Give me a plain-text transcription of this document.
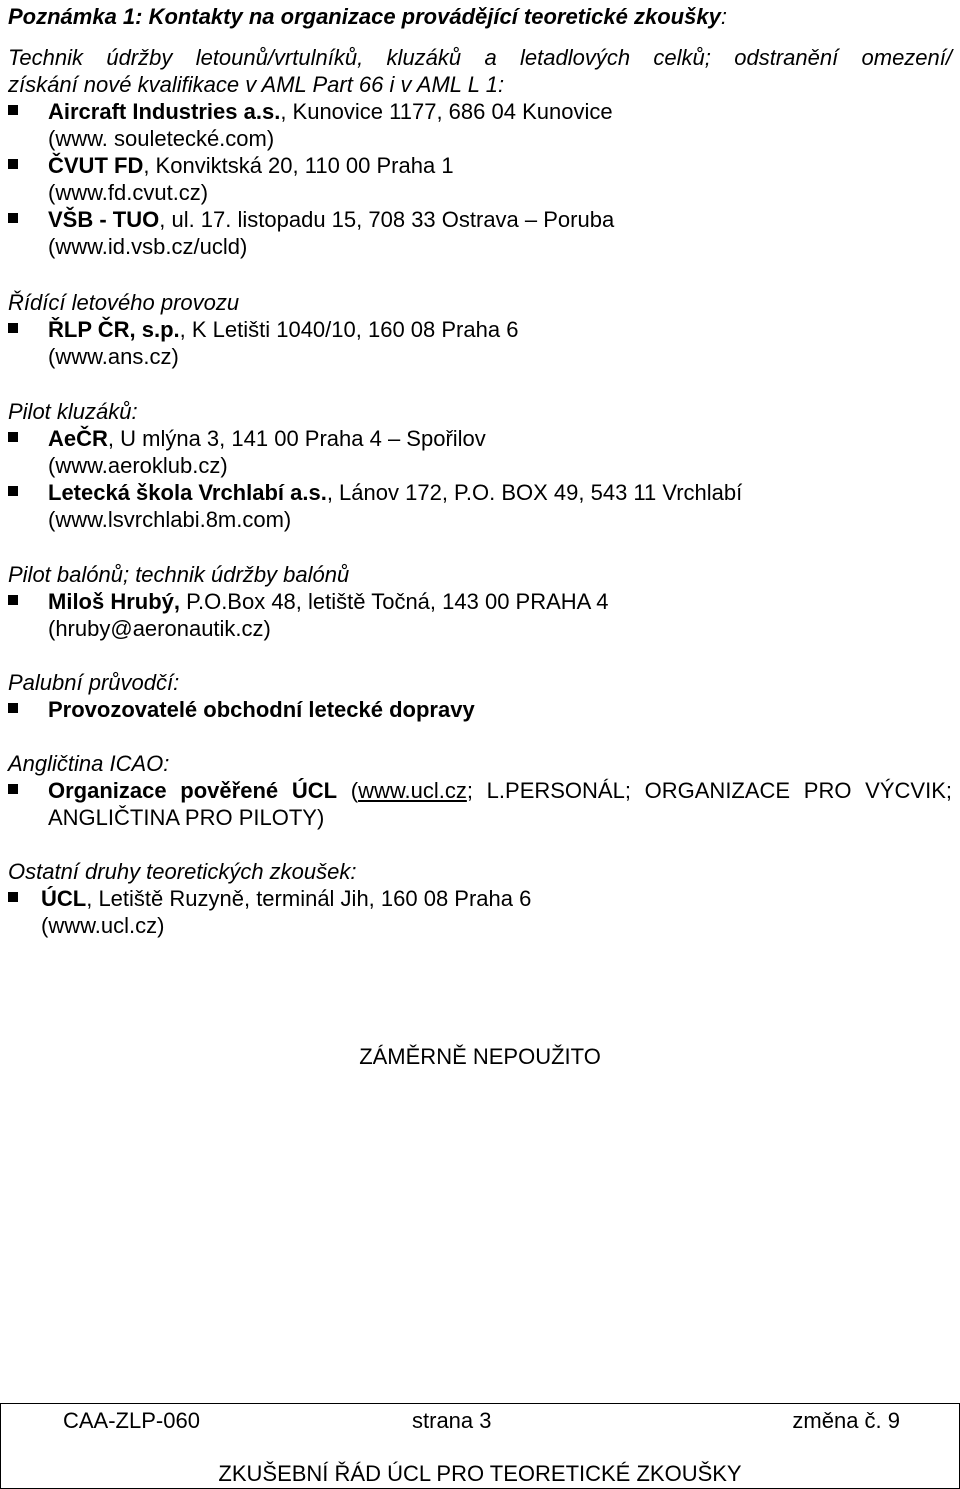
Poznámka 1: Kontakty na organizace provádějící teoretické zkoušky:
Technik údržby letounů/vrtulníků, kluzáků a letadlových celků; odstranění omezení/
získání nové kvalifikace v AML Part 66 i v AML L 1:
Aircraft Industries a.s., Kunovice 1177, 686 04 Kunovice
(www. souletecké.com)
ČVUT FD, Konviktská 20, 110 00 Praha 1
(www.fd.cvut.cz)
VŠB - TUO, ul. 17. listopadu 15, 708 33 Ostrava – Poruba
(www.id.vsb.cz/ucld)
Řídící letového provozu
ŘLP ČR, s.p., K Letišti 1040/10, 160 08 Praha 6
(www.ans.cz)
Pilot kluzáků:
AeČR, U mlýna 3, 141 00 Praha 4 – Spořilov
(www.aeroklub.cz)
Letecká škola Vrchlabí a.s., Lánov 172, P.O. BOX 49, 543 11 Vrchlabí
(www.lsvrchlabi.8m.com)
Pilot balónů; technik údržby balónů
Miloš Hrubý, P.O.Box 48, letiště Točná, 143 00 PRAHA 4
(hruby@aeronautik.cz)
Palubní průvodčí:
Provozovatelé obchodní letecké dopravy
Angličtina ICAO:
Organizace pověřené ÚCL (www.ucl.cz; L.PERSONÁL; ORGANIZACE PRO VÝCVIK;
ANGLIČTINA PRO PILOTY)
Ostatní druhy teoretických zkoušek:
ÚCL, Letiště Ruzyně, terminál Jih, 160 08 Praha 6
(www.ucl.cz)
ZÁMĚRNĚ NEPOUŽITO
CAA-ZLP-060	strana 3	změna č. 9
ZKUŠEBNÍ ŘÁD ÚCL PRO TEORETICKÉ ZKOUŠKY
